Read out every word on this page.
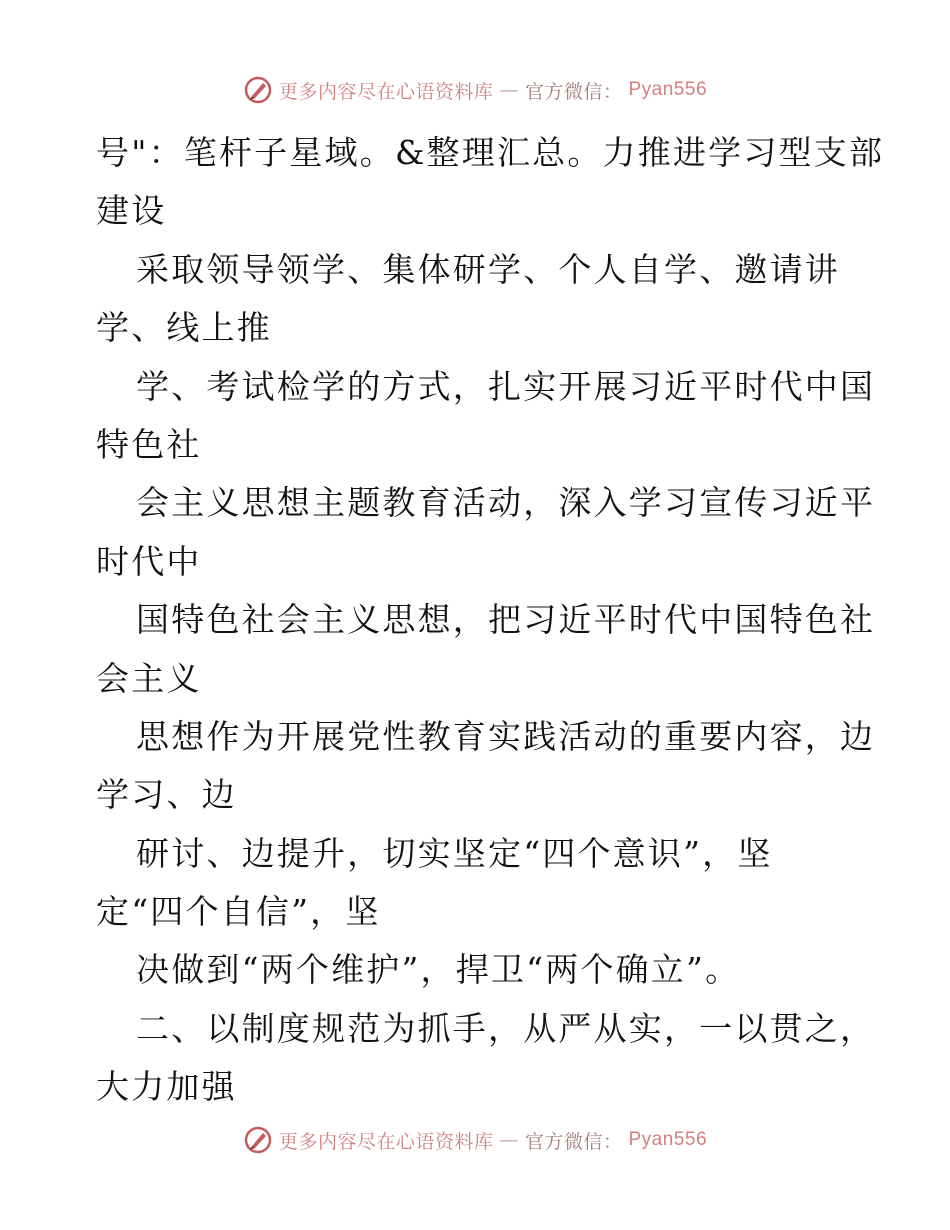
更多内容尽在心语资料库 — 官方微信： Pyan556
号"：笔杆子星域。&整理汇总。力推进学习型支部
建设
采取领导领学、集体研学、个人自学、邀请讲
学、线上推
学、考试检学的方式，扎实开展习近平时代中国
特色社
会主义思想主题教育活动，深入学习宣传习近平
时代中
国特色社会主义思想，把习近平时代中国特色社
会主义
思想作为开展党性教育实践活动的重要内容，边
学习、边
研讨、边提升，切实坚定“四个意识”，坚
定“四个自信”，坚
决做到“两个维护”，捍卫“两个确立”。
二、以制度规范为抓手，从严从实，一以贯之，
大力加强
更多内容尽在心语资料库 — 官方微信： Pyan556
